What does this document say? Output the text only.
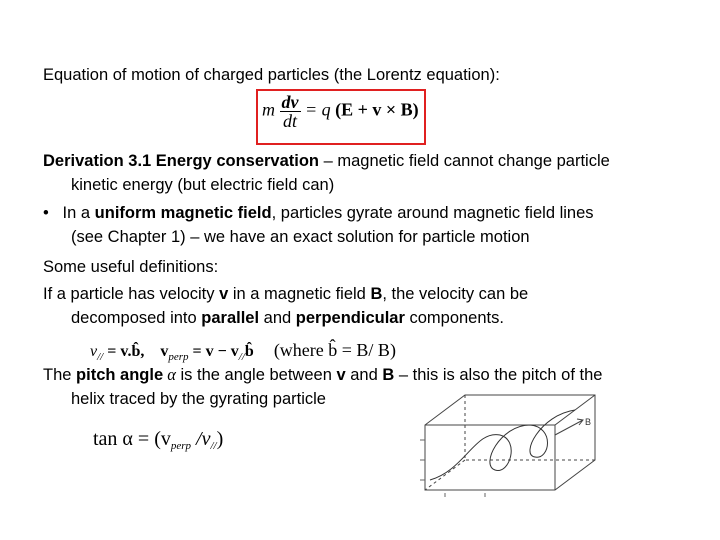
Equation of motion of charged particles (the Lorentz equation):
m $\frac{dv}{dt} = q$ (E + v × B)
Derivation 3.1 Energy conservation – magnetic field cannot change particle
kinetic energy (but electric field can)
• In a uniform magnetic field, particles gyrate around magnetic field lines
(see Chapter 1) – we have an exact solution for particle motion
Some useful definitions:
If a particle has velocity v in a magnetic field B, the velocity can be
decomposed into parallel and perpendicular components.
$v_{//}$ = v.b̂, $v_{perp} = v$ − $v_{//}b̂$ (where b̂ = B/ B)
The pitch angle α is the angle between v and B – this is also the pitch of the
helix traced by the gyrating particle
$\tan \alpha = (v_{perp}$ $/v_{//}$)
B
